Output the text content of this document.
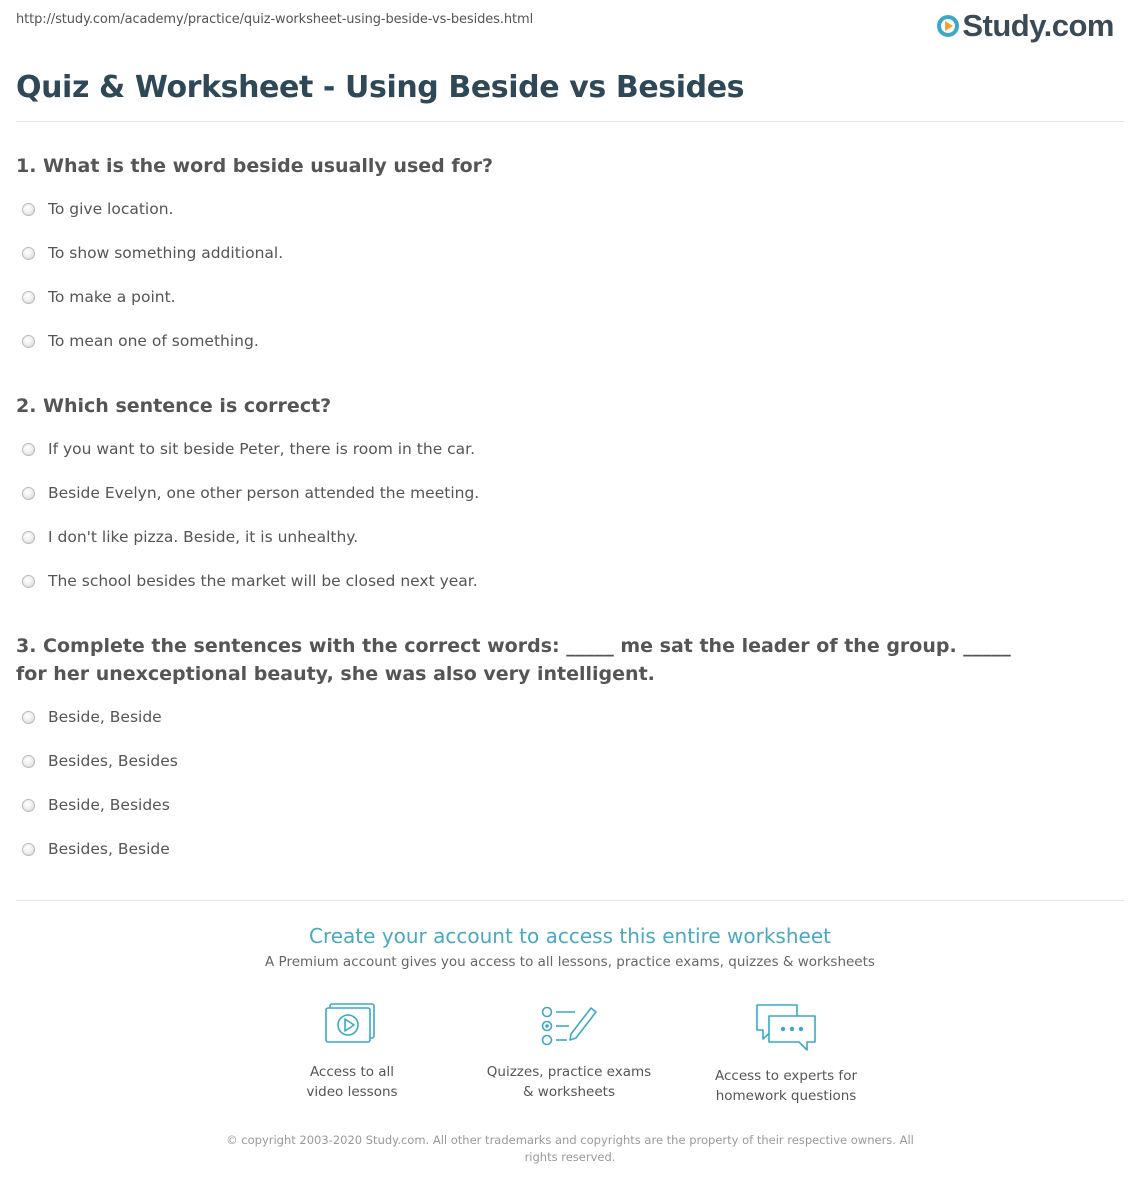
http://study.com/academy/practice/quiz-worksheet-using-beside-vs-besides.html	Study.com
Quiz & Worksheet - Using Beside vs Besides
1. What is the word beside usually used for?
To give location.
To show something additional.
To make a point.
To mean one of something.
2. Which sentence is correct?
If you want to sit beside Peter, there is room in the car.
Beside Evelyn, one other person attended the meeting.
I don't like pizza. Beside, it is unhealthy.
The school besides the market will be closed next year.
3. Complete the sentences with the correct words: _____ me sat the leader of the group. _____ for her unexceptional beauty, she was also very intelligent.
Beside, Beside
Besides, Besides
Beside, Besides
Besides, Beside
Create your account to access this entire worksheet
A Premium account gives you access to all lessons, practice exams, quizzes & worksheets
Access to all
video lessons
Quizzes, practice exams
& worksheets
Access to experts for
homework questions
© copyright 2003-2020 Study.com. All other trademarks and copyrights are the property of their respective owners. All rights reserved.
